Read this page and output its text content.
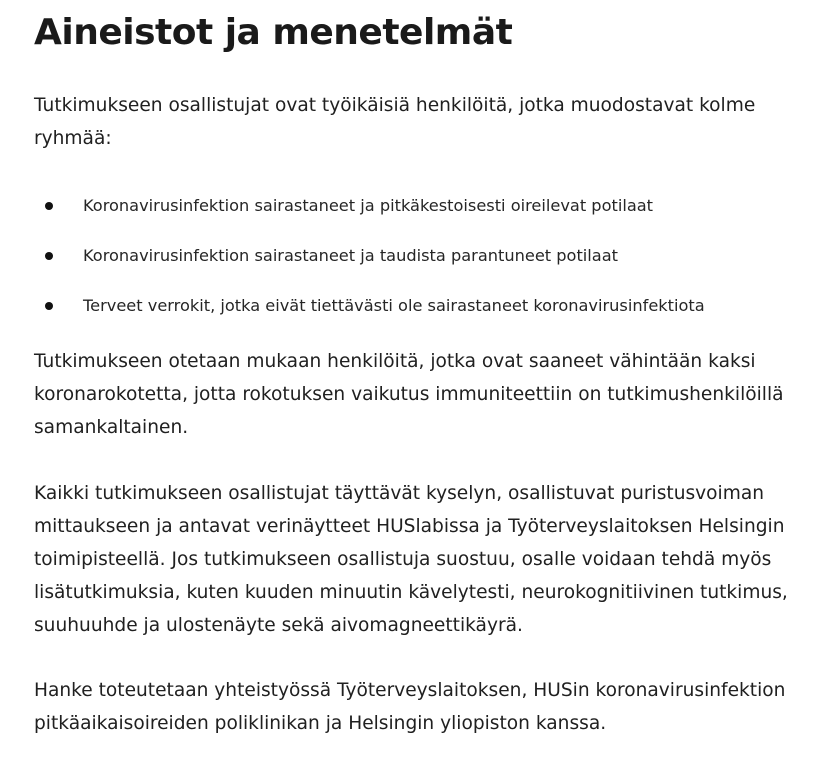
Aineistot ja menetelmät

Tutkimukseen osallistujat ovat työikäisiä henkilöitä, jotka muodostavat kolme
ryhmää:

Koronavirusinfektion sairastaneet ja pitkäkestoisesti oireilevat potilaat
Koronavirusinfektion sairastaneet ja taudista parantuneet potilaat
Terveet verrokit, jotka eivät tiettävästi ole sairastaneet koronavirusinfektiota

Tutkimukseen otetaan mukaan henkilöitä, jotka ovat saaneet vähintään kaksi
koronarokotetta, jotta rokotuksen vaikutus immuniteettiin on tutkimushenkilöillä
samankaltainen.

Kaikki tutkimukseen osallistujat täyttävät kyselyn, osallistuvat puristusvoiman
mittaukseen ja antavat verinäytteet HUSlabissa ja Työterveyslaitoksen Helsingin
toimipisteellä. Jos tutkimukseen osallistuja suostuu, osalle voidaan tehdä myös
lisätutkimuksia, kuten kuuden minuutin kävelytesti, neurokognitiivinen tutkimus,
suuhuuhde ja ulostenäyte sekä aivomagneettikäyrä.

Hanke toteutetaan yhteistyössä Työterveyslaitoksen, HUSin koronavirusinfektion
pitkäaikaisoireiden poliklinikan ja Helsingin yliopiston kanssa.
